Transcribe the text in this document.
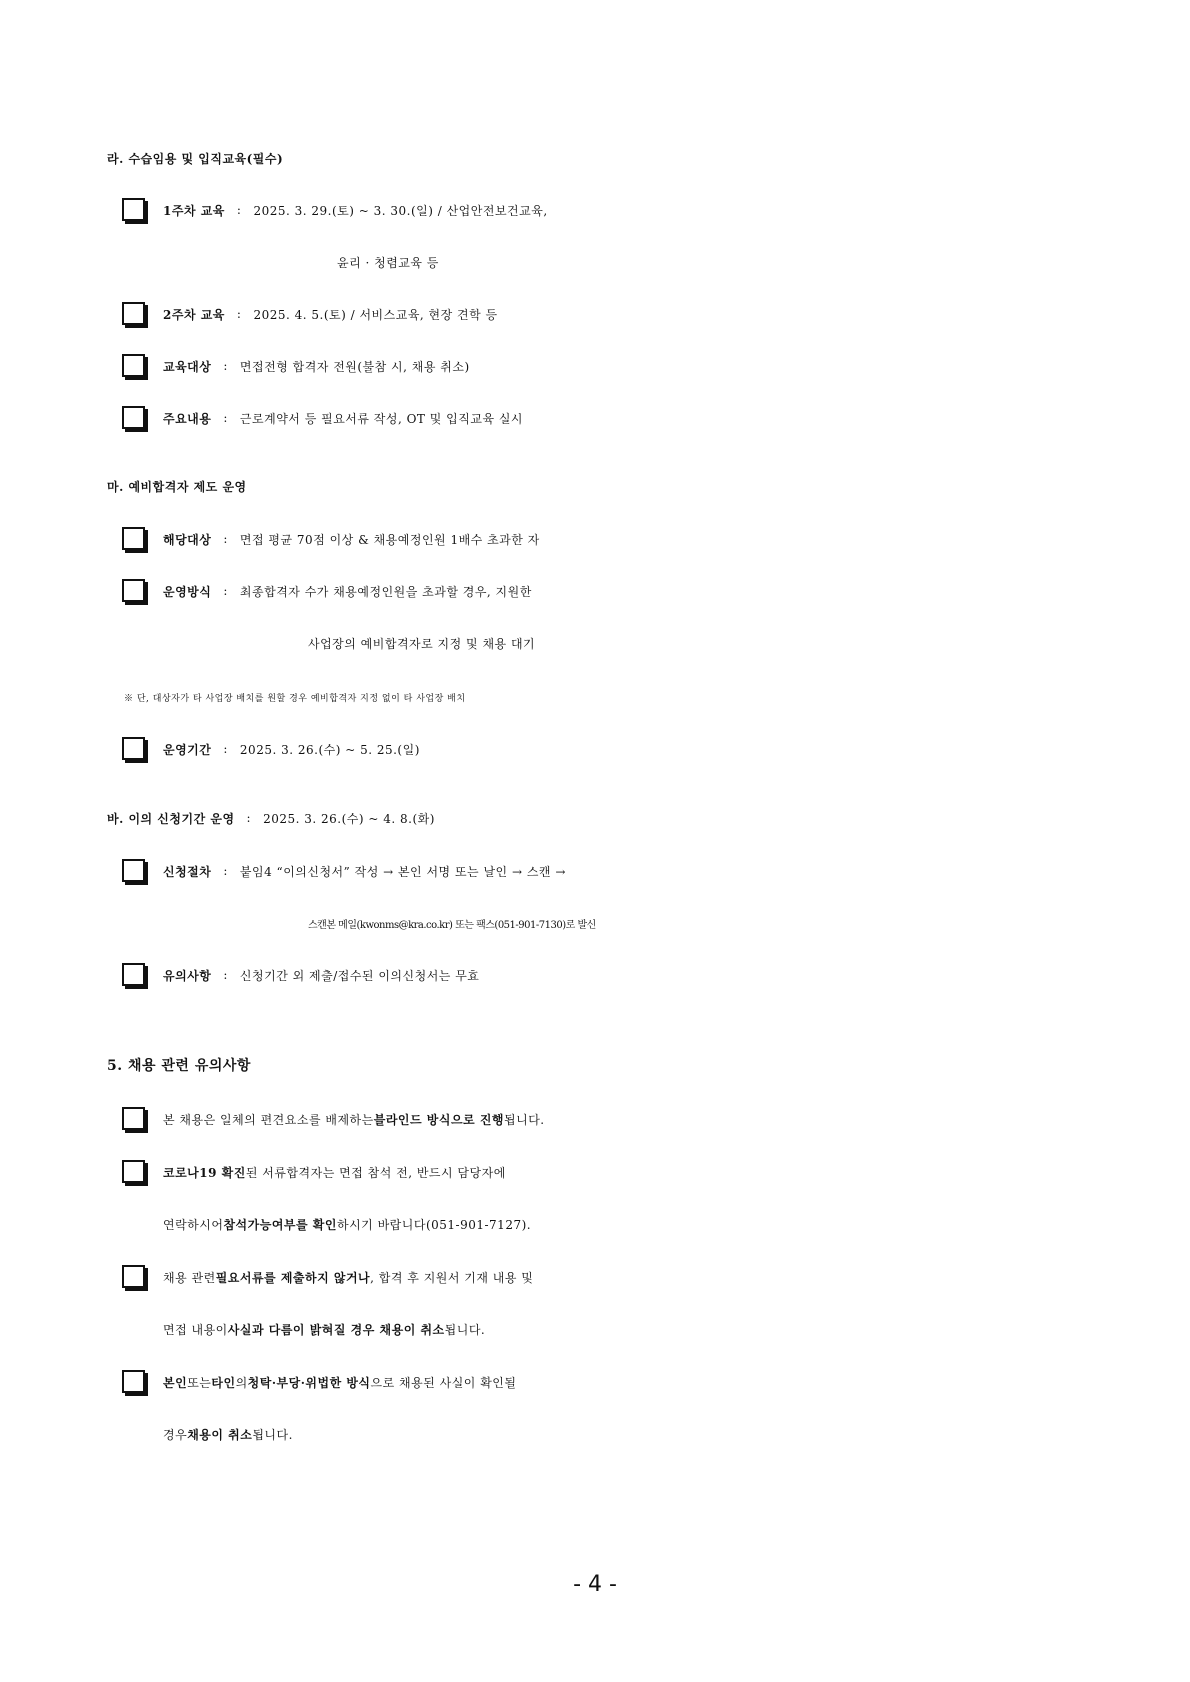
라. 수습임용 및 입직교육(필수)
1주차 교육 : 2025. 3. 29.(토) ~ 3. 30.(일) / 산업안전보건교육,
윤리 · 청렴교육 등
2주차 교육 : 2025. 4. 5.(토) / 서비스교육, 현장 견학 등
교육대상 : 면접전형 합격자 전원(불참 시, 채용 취소)
주요내용 : 근로계약서 등 필요서류 작성, OT 및 입직교육 실시
마. 예비합격자 제도 운영
해당대상 : 면접 평균 70점 이상 & 채용예정인원 1배수 초과한 자
운영방식 : 최종합격자 수가 채용예정인원을 초과할 경우, 지원한
사업장의 예비합격자로 지정 및 채용 대기
※ 단, 대상자가 타 사업장 배치를 원할 경우 예비합격자 지정 없이 타 사업장 배치
운영기간 : 2025. 3. 26.(수) ~ 5. 25.(일)
바. 이의 신청기간 운영 : 2025. 3. 26.(수) ~ 4. 8.(화)
신청절차 : 붙임4 “이의신청서” 작성 → 본인 서명 또는 날인 → 스캔 →
스캔본 메일(kwonms@kra.co.kr) 또는 팩스(051-901-7130)로 발신
유의사항 : 신청기간 외 제출/접수된 이의신청서는 무효
5. 채용 관련 유의사항
본 채용은 일체의 편견요소를 배제하는 블라인드 방식으로 진행 됩니다.
코로나19 확진 된 서류합격자는 면접 참석 전, 반드시 담당자에
연락하시어 참석가능여부를 확인 하시기 바랍니다(051-901-7127).
채용 관련 필요서류를 제출하지 않거나 , 합격 후 지원서 기재 내용 및
면접 내용이 사실과 다름이 밝혀질 경우 채용이 취소 됩니다.
본인 또는 타인 의 청탁·부당·위법한 방식 으로 채용된 사실이 확인될
경우 채용이 취소 됩니다.
- 4 -
